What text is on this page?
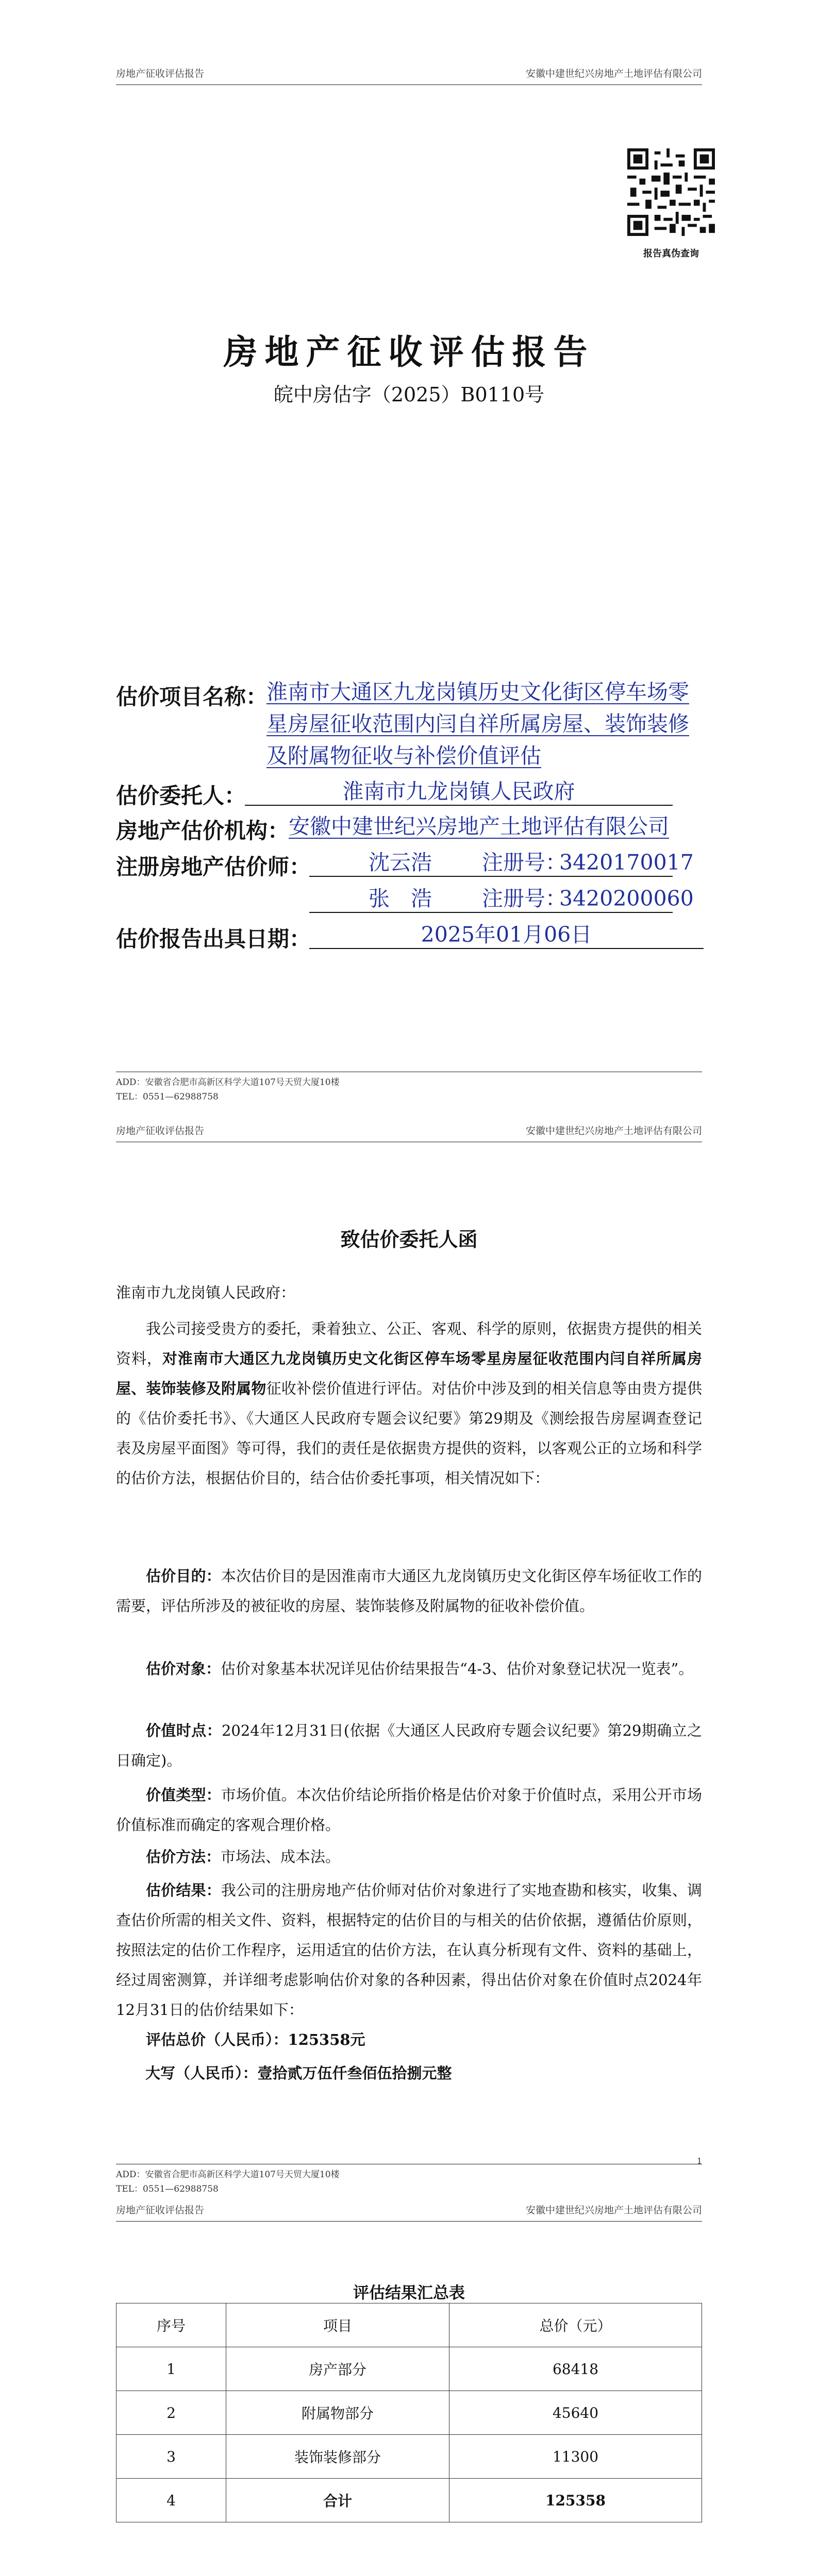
房地产征收评估报告	安徽中建世纪兴房地产土地评估有限公司
报告真伪查询
房地产征收评估报告
皖中房估字（2025）B0110号
估价项目名称：
淮南市大通区九龙岗镇历史文化街区停车场零星房屋征收范围内闫自祥所属房屋、装饰装修及附属物征收与补偿价值评估
估价委托人：	淮南市九龙岗镇人民政府
房地产估价机构：
安徽中建世纪兴房地产土地评估有限公司
注册房地产估价师：	沈云浩 注册号：
3420170017
张　浩 注册号：
3420200060
估价报告出具日期：	2025年01月06日
ADD：安徽省合肥市高新区科学大道107号天贸大厦10楼
TEL：0551—62988758
房地产征收评估报告	安徽中建世纪兴房地产土地评估有限公司
致估价委托人函
淮南市九龙岗镇人民政府：
我公司接受贵方的委托，秉着独立、公正、客观、科学的原则，依据贵方提供的相关资料，对淮南市大通区九龙岗镇历史文化街区停车场零星房屋征收范围内闫自祥所属房屋、装饰装修及附属物征收补偿价值进行评估。对估价中涉及到的相关信息等由贵方提供的《估价委托书》、《大通区人民政府专题会议纪要》第29期及《测绘报告房屋调查登记表及房屋平面图》等可得，我们的责任是依据贵方提供的资料，以客观公正的立场和科学的估价方法，根据估价目的，结合估价委托事项，相关情况如下：
估价目的：本次估价目的是因淮南市大通区九龙岗镇历史文化街区停车场征收工作的需要，评估所涉及的被征收的房屋、装饰装修及附属物的征收补偿价值。
估价对象：估价对象基本状况详见估价结果报告“4-3、估价对象登记状况一览表”。
价值时点：2024年12月31日(依据《大通区人民政府专题会议纪要》第29期确立之日确定)。
价值类型：市场价值。本次估价结论所指价格是估价对象于价值时点，采用公开市场价值标准而确定的客观合理价格。
估价方法：市场法、成本法。
估价结果：我公司的注册房地产估价师对估价对象进行了实地查勘和核实，收集、调查估价所需的相关文件、资料，根据特定的估价目的与相关的估价依据，遵循估价原则，按照法定的估价工作程序，运用适宜的估价方法，在认真分析现有文件、资料的基础上，经过周密测算，并详细考虑影响估价对象的各种因素，得出估价对象在价值时点2024年12月31日的估价结果如下：
评估总价（人民币）：125358元
大写（人民币）：壹拾贰万伍仟叁佰伍拾捌元整
1
ADD：安徽省合肥市高新区科学大道107号天贸大厦10楼
TEL：0551—62988758
房地产征收评估报告	安徽中建世纪兴房地产土地评估有限公司
评估结果汇总表
序号	项目	总价（元）
1	房产部分	68418
2	附属物部分	45640
3	装饰装修部分	11300
4	合计	125358
